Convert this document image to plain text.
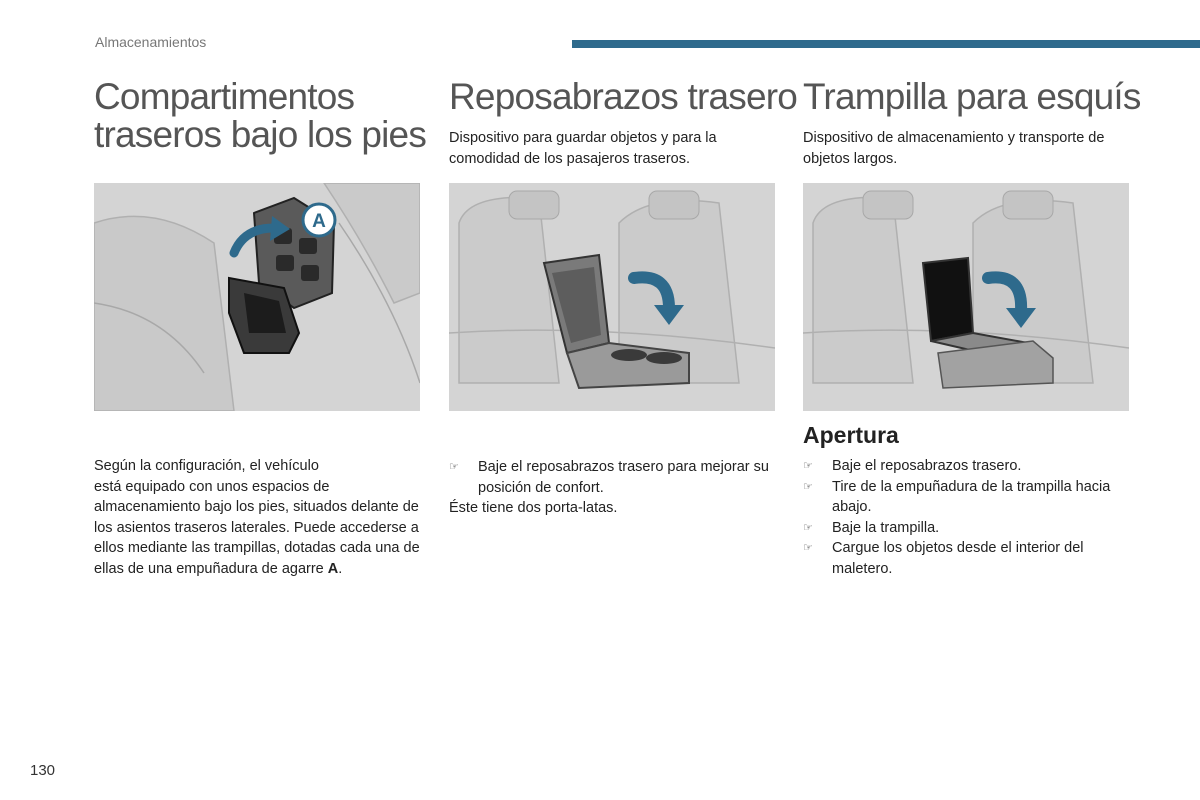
Almacenamientos
Compartimentos
traseros bajo los pies
A

Según la configuración, el vehículo
está equipado con unos espacios de almacenamiento bajo los pies, situados delante de los asientos traseros laterales. Puede accederse a ellos mediante las trampillas, dotadas cada una de ellas de una empuñadura de agarre A.

Reposabrazos trasero

Dispositivo para guardar objetos y para la comodidad de los pasajeros traseros.

☞ Baje el reposabrazos trasero para mejorar su posición de confort.

Éste tiene dos porta-latas.

Trampilla para esquís

Dispositivo de almacenamiento y transporte de objetos largos.

Apertura
☞ Baje el reposabrazos trasero.
☞ Tire de la empuñadura de la trampilla hacia abajo.
☞ Baje la trampilla.
☞ Cargue los objetos desde el interior del maletero.
130
